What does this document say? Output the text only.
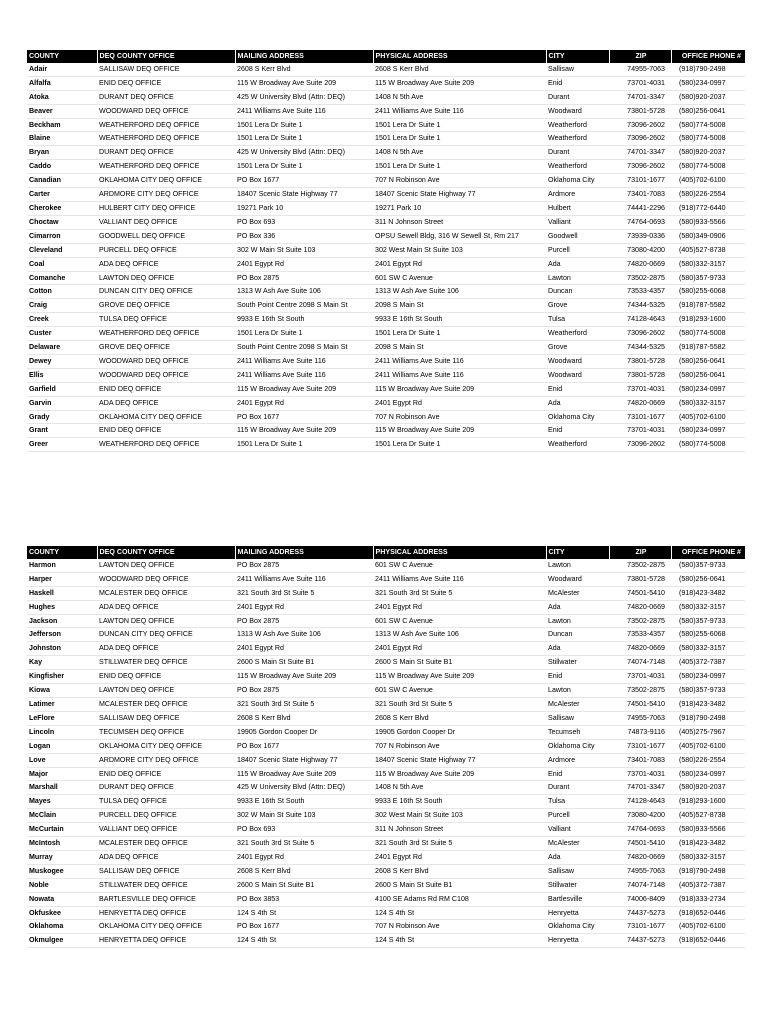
COUNTY	DEQ COUNTY OFFICE	MAILING ADDRESS	PHYSICAL ADDRESS	CITY	ZIP	OFFICE PHONE #
Adair	SALLISAW DEQ OFFICE	2608 S Kerr Blvd	2608 S Kerr Blvd	Sallisaw	74955-7063	(918)790-2498
Alfalfa	ENID DEQ OFFICE	115 W Broadway Ave Suite 209	115 W Broadway Ave Suite 209	Enid	73701-4031	(580)234-0997
Atoka	DURANT DEQ OFFICE	425 W University Blvd (Attn: DEQ)	1408 N 5th Ave	Durant	74701-3347	(580)920-2037
Beaver	WOODWARD DEQ OFFICE	2411 Williams Ave Suite 116	2411 Williams Ave Suite 116	Woodward	73801-5728	(580)256-0641
Beckham	WEATHERFORD DEQ OFFICE	1501 Lera Dr Suite 1	1501 Lera Dr Suite 1	Weatherford	73096-2602	(580)774-5008
Blaine	WEATHERFORD DEQ OFFICE	1501 Lera Dr Suite 1	1501 Lera Dr Suite 1	Weatherford	73096-2602	(580)774-5008
Bryan	DURANT DEQ OFFICE	425 W University Blvd (Attn: DEQ)	1408 N 5th Ave	Durant	74701-3347	(580)920-2037
Caddo	WEATHERFORD DEQ OFFICE	1501 Lera Dr Suite 1	1501 Lera Dr Suite 1	Weatherford	73096-2602	(580)774-5008
Canadian	OKLAHOMA CITY DEQ OFFICE	PO Box 1677	707 N Robinson Ave	Oklahoma City	73101-1677	(405)702-6100
Carter	ARDMORE CITY DEQ OFFICE	18407 Scenic State Highway 77	18407 Scenic State Highway 77	Ardmore	73401-7083	(580)226-2554
Cherokee	HULBERT CITY DEQ OFFICE	19271 Park 10	19271 Park 10	Hulbert	74441-2296	(918)772-6440
Choctaw	VALLIANT DEQ OFFICE	PO Box 693	311 N Johnson Street	Valliant	74764-0693	(580)933-5566
Cimarron	GOODWELL DEQ OFFICE	PO Box 336	OPSU Sewell Bldg, 316 W Sewell St, Rm 217	Goodwell	73939-0336	(580)349-0906
Cleveland	PURCELL DEQ OFFICE	302 W Main St Suite 103	302 West Main St Suite 103	Purcell	73080-4200	(405)527-8738
Coal	ADA DEQ OFFICE	2401 Egypt Rd	2401 Egypt Rd	Ada	74820-0669	(580)332-3157
Comanche	LAWTON DEQ OFFICE	PO Box 2875	601 SW C Avenue	Lawton	73502-2875	(580)357-9733
Cotton	DUNCAN CITY DEQ OFFICE	1313 W Ash Ave Suite 106	1313 W Ash Ave Suite 106	Duncan	73533-4357	(580)255-6068
Craig	GROVE DEQ OFFICE	South Point Centre 2098 S Main St	2098 S Main St	Grove	74344-5325	(918)787-5582
Creek	TULSA DEQ OFFICE	9933 E 16th St South	9933 E 16th St South	Tulsa	74128-4643	(918)293-1600
Custer	WEATHERFORD DEQ OFFICE	1501 Lera Dr Suite 1	1501 Lera Dr Suite 1	Weatherford	73096-2602	(580)774-5008
Delaware	GROVE DEQ OFFICE	South Point Centre 2098 S Main St	2098 S Main St	Grove	74344-5325	(918)787-5582
Dewey	WOODWARD DEQ OFFICE	2411 Williams Ave Suite 116	2411 Williams Ave Suite 116	Woodward	73801-5728	(580)256-0641
Ellis	WOODWARD DEQ OFFICE	2411 Williams Ave Suite 116	2411 Williams Ave Suite 116	Woodward	73801-5728	(580)256-0641
Garfield	ENID DEQ OFFICE	115 W Broadway Ave Suite 209	115 W Broadway Ave Suite 209	Enid	73701-4031	(580)234-0997
Garvin	ADA DEQ OFFICE	2401 Egypt Rd	2401 Egypt Rd	Ada	74820-0669	(580)332-3157
Grady	OKLAHOMA CITY DEQ OFFICE	PO Box 1677	707 N Robinson Ave	Oklahoma City	73101-1677	(405)702-6100
Grant	ENID DEQ OFFICE	115 W Broadway Ave Suite 209	115 W Broadway Ave Suite 209	Enid	73701-4031	(580)234-0997
Greer	WEATHERFORD DEQ OFFICE	1501 Lera Dr Suite 1	1501 Lera Dr Suite 1	Weatherford	73096-2602	(580)774-5008
COUNTY	DEQ COUNTY OFFICE	MAILING ADDRESS	PHYSICAL ADDRESS	CITY	ZIP	OFFICE PHONE #
Harmon	LAWTON DEQ OFFICE	PO Box 2875	601 SW C Avenue	Lawton	73502-2875	(580)357-9733
Harper	WOODWARD DEQ OFFICE	2411 Williams Ave Suite 116	2411 Williams Ave Suite 116	Woodward	73801-5728	(580)256-0641
Haskell	MCALESTER DEQ OFFICE	321 South 3rd St Suite 5	321 South 3rd St Suite 5	McAlester	74501-5410	(918)423-3482
Hughes	ADA DEQ OFFICE	2401 Egypt Rd	2401 Egypt Rd	Ada	74820-0669	(580)332-3157
Jackson	LAWTON DEQ OFFICE	PO Box 2875	601 SW C Avenue	Lawton	73502-2875	(580)357-9733
Jefferson	DUNCAN CITY DEQ OFFICE	1313 W Ash Ave Suite 106	1313 W Ash Ave Suite 106	Duncan	73533-4357	(580)255-6068
Johnston	ADA DEQ OFFICE	2401 Egypt Rd	2401 Egypt Rd	Ada	74820-0669	(580)332-3157
Kay	STILLWATER DEQ OFFICE	2600 S Main St Suite B1	2600 S Main St Suite B1	Stillwater	74074-7148	(405)372-7387
Kingfisher	ENID DEQ OFFICE	115 W Broadway Ave Suite 209	115 W Broadway Ave Suite 209	Enid	73701-4031	(580)234-0997
Kiowa	LAWTON DEQ OFFICE	PO Box 2875	601 SW C Avenue	Lawton	73502-2875	(580)357-9733
Latimer	MCALESTER DEQ OFFICE	321 South 3rd St Suite 5	321 South 3rd St Suite 5	McAlester	74501-5410	(918)423-3482
LeFlore	SALLISAW DEQ OFFICE	2608 S Kerr Blvd	2608 S Kerr Blvd	Sallisaw	74955-7063	(918)790-2498
Lincoln	TECUMSEH DEQ OFFICE	19905 Gordon Cooper Dr	19905 Gordon Cooper Dr	Tecumseh	74873-9116	(405)275-7967
Logan	OKLAHOMA CITY DEQ OFFICE	PO Box 1677	707 N Robinson Ave	Oklahoma City	73101-1677	(405)702-6100
Love	ARDMORE CITY DEQ OFFICE	18407 Scenic State Highway 77	18407 Scenic State Highway 77	Ardmore	73401-7083	(580)226-2554
Major	ENID DEQ OFFICE	115 W Broadway Ave Suite 209	115 W Broadway Ave Suite 209	Enid	73701-4031	(580)234-0997
Marshall	DURANT DEQ OFFICE	425 W University Blvd (Attn: DEQ)	1408 N 5th Ave	Durant	74701-3347	(580)920-2037
Mayes	TULSA DEQ OFFICE	9933 E 16th St South	9933 E 16th St South	Tulsa	74128-4643	(918)293-1600
McClain	PURCELL DEQ OFFICE	302 W Main St Suite 103	302 West Main St Suite 103	Purcell	73080-4200	(405)527-8738
McCurtain	VALLIANT DEQ OFFICE	PO Box 693	311 N Johnson Street	Valliant	74764-0693	(580)933-5566
McIntosh	MCALESTER DEQ OFFICE	321 South 3rd St Suite 5	321 South 3rd St Suite 5	McAlester	74501-5410	(918)423-3482
Murray	ADA DEQ OFFICE	2401 Egypt Rd	2401 Egypt Rd	Ada	74820-0669	(580)332-3157
Muskogee	SALLISAW DEQ OFFICE	2608 S Kerr Blvd	2608 S Kerr Blvd	Sallisaw	74955-7063	(918)790-2498
Noble	STILLWATER DEQ OFFICE	2600 S Main St Suite B1	2600 S Main St Suite B1	Stillwater	74074-7148	(405)372-7387
Nowata	BARTLESVILLE DEQ OFFICE	PO Box 3853	4100 SE Adams Rd RM C108	Bartlesville	74006-8409	(918)333-2734
Okfuskee	HENRYETTA DEQ OFFICE	124 S 4th St	124 S 4th St	Henryetta	74437-5273	(918)652-0446
Oklahoma	OKLAHOMA CITY DEQ OFFICE	PO Box 1677	707 N Robinson Ave	Oklahoma City	73101-1677	(405)702-6100
Okmulgee	HENRYETTA DEQ OFFICE	124 S 4th St	124 S 4th St	Henryetta	74437-5273	(918)652-0446
